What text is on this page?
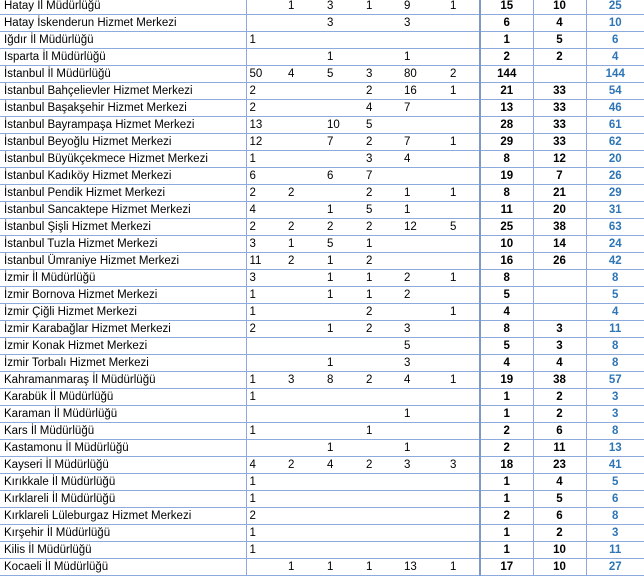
Hatay İl Müdürlüğü		1	3	1	9	1	15	10	25
Hatay İskenderun Hizmet Merkezi			3		3		6	4	10
Iğdır İl Müdürlüğü	1						1	5	6
Isparta İl Müdürlüğü			1		1		2	2	4
İstanbul İl Müdürlüğü	50	4	5	3	80	2	144		144
İstanbul Bahçelievler Hizmet Merkezi	2			2	16	1	21	33	54
İstanbul Başakşehir Hizmet Merkezi	2			4	7		13	33	46
İstanbul Bayrampaşa Hizmet Merkezi	13		10	5			28	33	61
İstanbul Beyoğlu Hizmet Merkezi	12		7	2	7	1	29	33	62
İstanbul Büyükçekmece Hizmet Merkezi	1			3	4		8	12	20
İstanbul Kadıköy Hizmet Merkezi	6		6	7			19	7	26
İstanbul Pendik Hizmet Merkezi	2	2		2	1	1	8	21	29
İstanbul Sancaktepe Hizmet Merkezi	4		1	5	1		11	20	31
İstanbul Şişli Hizmet Merkezi	2	2	2	2	12	5	25	38	63
İstanbul Tuzla Hizmet Merkezi	3	1	5	1			10	14	24
İstanbul Ümraniye Hizmet Merkezi	11	2	1	2			16	26	42
İzmir İl Müdürlüğü	3		1	1	2	1	8		8
İzmir Bornova Hizmet Merkezi	1		1	1	2		5		5
İzmir Çiğli Hizmet Merkezi	1			2		1	4		4
İzmir Karabağlar Hizmet Merkezi	2		1	2	3		8	3	11
İzmir Konak Hizmet Merkezi					5		5	3	8
İzmir Torbalı Hizmet Merkezi			1		3		4	4	8
Kahramanmaraş İl Müdürlüğü	1	3	8	2	4	1	19	38	57
Karabük İl Müdürlüğü	1						1	2	3
Karaman İl Müdürlüğü					1		1	2	3
Kars İl Müdürlüğü	1			1			2	6	8
Kastamonu İl Müdürlüğü			1		1		2	11	13
Kayseri İl Müdürlüğü	4	2	4	2	3	3	18	23	41
Kırıkkale İl Müdürlüğü	1						1	4	5
Kırklareli İl Müdürlüğü	1						1	5	6
Kırklareli Lüleburgaz Hizmet Merkezi	2						2	6	8
Kırşehir İl Müdürlüğü	1						1	2	3
Kilis İl Müdürlüğü	1						1	10	11
Kocaeli İl Müdürlüğü		1	1	1	13	1	17	10	27
